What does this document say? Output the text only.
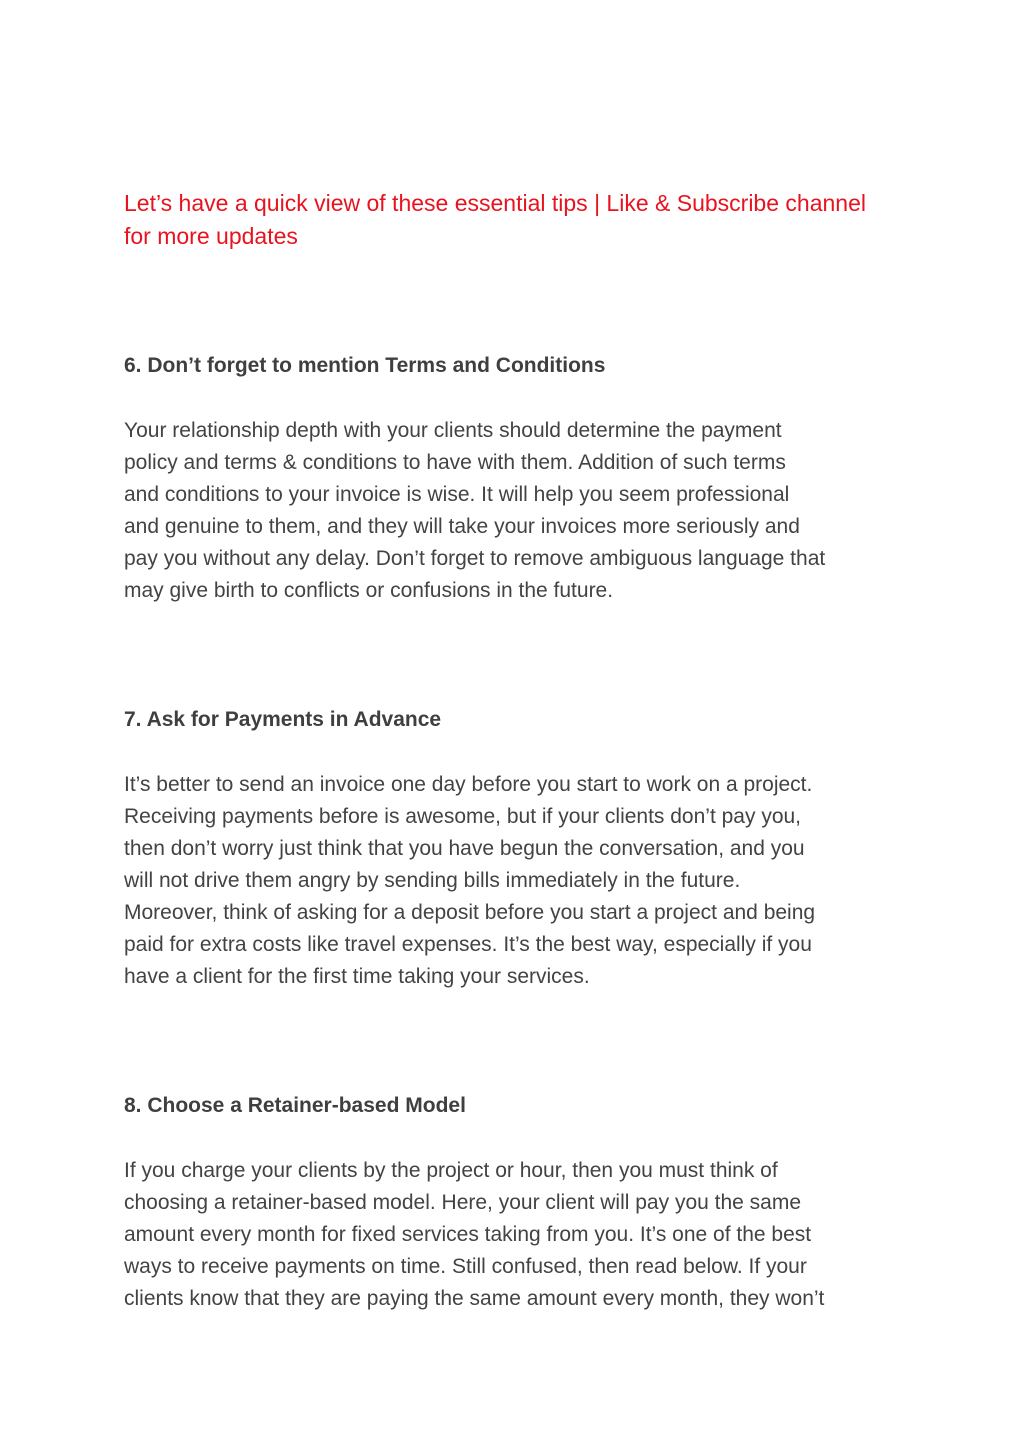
Let’s have a quick view of these essential tips | Like & Subscribe channel
for more updates

6. Don’t forget to mention Terms and Conditions

Your relationship depth with your clients should determine the payment
policy and terms & conditions to have with them. Addition of such terms
and conditions to your invoice is wise. It will help you seem professional
and genuine to them, and they will take your invoices more seriously and
pay you without any delay. Don’t forget to remove ambiguous language that
may give birth to conflicts or confusions in the future.

7. Ask for Payments in Advance

It’s better to send an invoice one day before you start to work on a project.
Receiving payments before is awesome, but if your clients don’t pay you,
then don’t worry just think that you have begun the conversation, and you
will not drive them angry by sending bills immediately in the future.
Moreover, think of asking for a deposit before you start a project and being
paid for extra costs like travel expenses. It’s the best way, especially if you
have a client for the first time taking your services.

8. Choose a Retainer-based Model

If you charge your clients by the project or hour, then you must think of
choosing a retainer-based model. Here, your client will pay you the same
amount every month for fixed services taking from you. It’s one of the best
ways to receive payments on time. Still confused, then read below. If your
clients know that they are paying the same amount every month, they won’t
